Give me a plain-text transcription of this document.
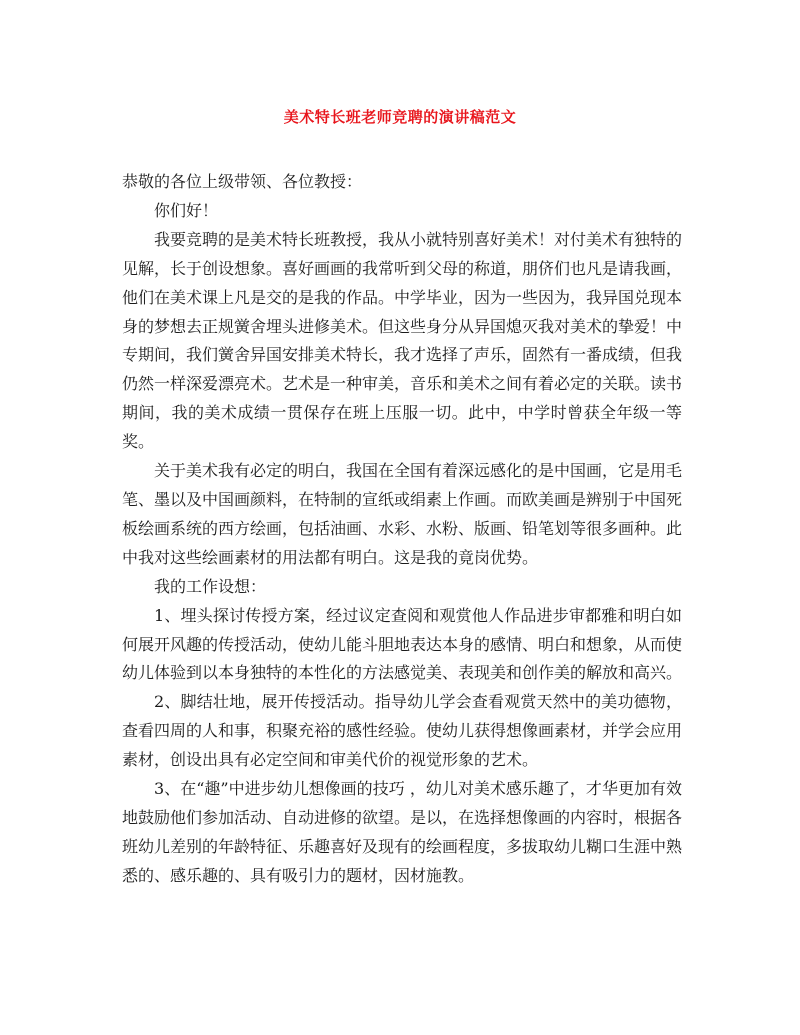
美术特长班老师竞聘的演讲稿范文

恭敬的各位上级带领、各位教授：

你们好！

我要竞聘的是美术特长班教授，我从小就特别喜好美术！对付美术有独特的见解，长于创设想象。喜好画画的我常听到父母的称道，朋侪们也凡是请我画，他们在美术课上凡是交的是我的作品。中学毕业，因为一些因为，我异国兑现本身的梦想去正规黉舍埋头进修美术。但这些身分从异国熄灭我对美术的挚爱！中专期间，我们黉舍异国安排美术特长，我才选择了声乐，固然有一番成绩，但我仍然一样深爱漂亮术。艺术是一种审美，音乐和美术之间有着必定的关联。读书期间，我的美术成绩一贯保存在班上压服一切。此中，中学时曾获全年级一等奖。

关于美术我有必定的明白，我国在全国有着深远感化的是中国画，它是用毛笔、墨以及中国画颜料，在特制的宣纸或绢素上作画。而欧美画是辨别于中国死板绘画系统的西方绘画，包括油画、水彩、水粉、版画、铅笔划等很多画种。此中我对这些绘画素材的用法都有明白。这是我的竟岗优势。

我的工作设想：

1、埋头探讨传授方案，经过议定查阅和观赏他人作品进步审都雅和明白如何展开风趣的传授活动，使幼儿能斗胆地表达本身的感情、明白和想象，从而使幼儿体验到以本身独特的本性化的方法感觉美、表现美和创作美的解放和高兴。

2、脚结壮地，展开传授活动。指导幼儿学会查看观赏天然中的美功德物，查看四周的人和事，积聚充裕的感性经验。使幼儿获得想像画素材，并学会应用素材，创设出具有必定空间和审美代价的视觉形象的艺术。

3、在“趣”中进步幼儿想像画的技巧 ，幼儿对美术感乐趣了，才华更加有效地鼓励他们参加活动、自动进修的欲望。是以，在选择想像画的内容时，根据各班幼儿差别的年龄特征、乐趣喜好及现有的绘画程度，多拔取幼儿糊口生涯中熟悉的、感乐趣的、具有吸引力的题材，因材施教。
